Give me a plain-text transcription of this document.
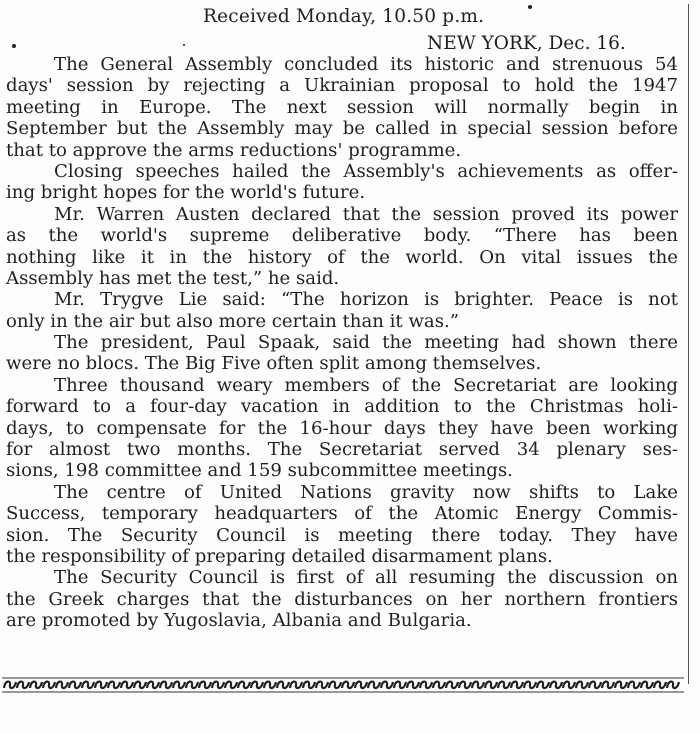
Received Monday, 10.50 p.m.
NEW YORK, Dec. 16.
The General Assembly concluded its historic and strenuous 54
days' session by rejecting a Ukrainian proposal to hold the 1947
meeting in Europe. The next session will normally begin in
September but the Assembly may be called in special session before
that to approve the arms reductions' programme.
Closing speeches hailed the Assembly's achievements as offer-
ing bright hopes for the world's future.
Mr. Warren Austen declared that the session proved its power
as the world's supreme deliberative body. “There has been
nothing like it in the history of the world. On vital issues the
Assembly has met the test,” he said.
Mr. Trygve Lie said: “The horizon is brighter. Peace is not
only in the air but also more certain than it was.”
The president, Paul Spaak, said the meeting had shown there
were no blocs. The Big Five often split among themselves.
Three thousand weary members of the Secretariat are looking
forward to a four-day vacation in addition to the Christmas holi-
days, to compensate for the 16-hour days they have been working
for almost two months. The Secretariat served 34 plenary ses-
sions, 198 committee and 159 subcommittee meetings.
The centre of United Nations gravity now shifts to Lake
Success, temporary headquarters of the Atomic Energy Commis-
sion. The Security Council is meeting there today. They have
the responsibility of preparing detailed disarmament plans.
The Security Council is first of all resuming the discussion on
the Greek charges that the disturbances on her northern frontiers
are promoted by Yugoslavia, Albania and Bulgaria.
